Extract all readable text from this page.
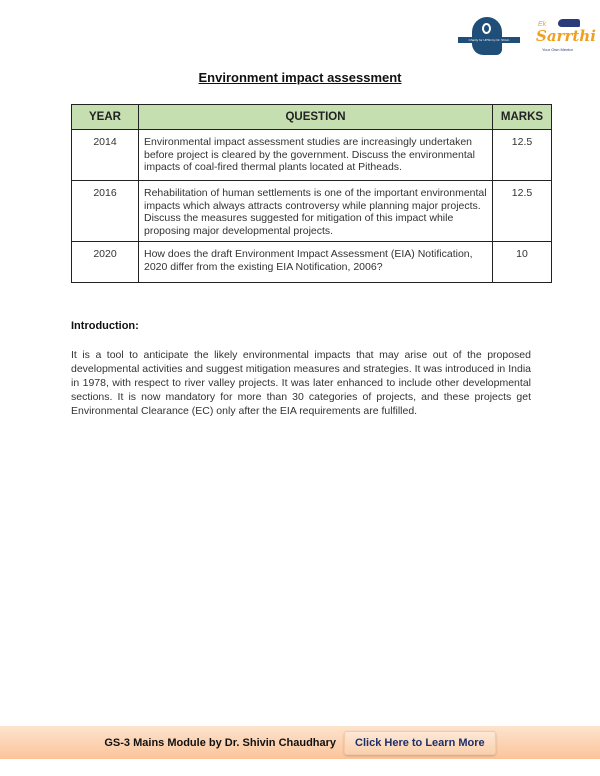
Charity for UPSC by Dr. Shivin
Ek
Sarrthi
Your Own Mentor
Environment impact assessment
YEAR	QUESTION	MARKS
2014	Environmental impact assessment studies are increasingly undertaken before project is cleared by the government. Discuss the environmental impacts of coal-fired thermal plants located at Pitheads.	12.5
2016	Rehabilitation of human settlements is one of the important environmental impacts which always attracts controversy while planning major projects. Discuss the measures suggested for mitigation of this impact while proposing major developmental projects.	12.5
2020	How does the draft Environment Impact Assessment (EIA) Notification, 2020 differ from the existing EIA Notification, 2006?	10
Introduction:
It is a tool to anticipate the likely environmental impacts that may arise out of the proposed developmental activities and suggest mitigation measures and strategies. It was introduced in India in 1978, with respect to river valley projects. It was later enhanced to include other developmental sections. It is now mandatory for more than 30 categories of projects, and these projects get Environmental Clearance (EC) only after the EIA requirements are fulfilled.
GS-3 Mains Module by Dr. Shivin Chaudhary	Click Here to Learn More
